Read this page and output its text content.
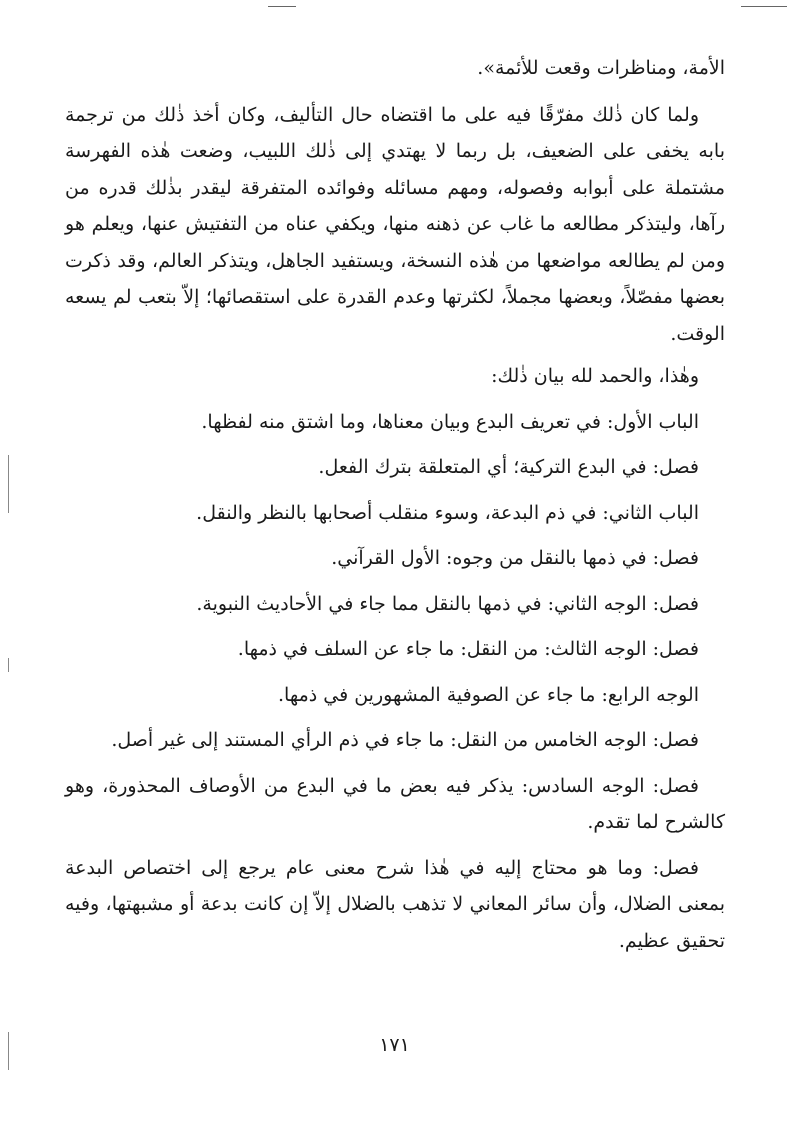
الأمة، ومناظرات وقعت للأئمة».

ولما كان ذٰلك مفرّقًا فيه على ما اقتضاه حال التأليف، وكان أخذ ذٰلك من ترجمة بابه يخفى على الضعيف، بل ربما لا يهتدي إلى ذٰلك اللبيب، وضعت هٰذه الفهرسة مشتملة على أبوابه وفصوله، ومهم مسائله وفوائده المتفرقة ليقدر بذٰلك قدره من رآها، وليتذكر مطالعه ما غاب عن ذهنه منها، ويكفي عناه من التفتيش عنها، ويعلم هو ومن لم يطالعه مواضعها من هٰذه النسخة، ويستفيد الجاهل، ويتذكر العالم، وقد ذكرت بعضها مفصّلاً، وبعضها مجملاً، لكثرتها وعدم القدرة على استقصائها؛ إلاّ بتعب لم يسعه الوقت.

وهٰذا، والحمد لله بيان ذٰلك:

الباب الأول: في تعريف البدع وبيان معناها، وما اشتق منه لفظها.

فصل: في البدع التركية؛ أي المتعلقة بترك الفعل.

الباب الثاني: في ذم البدعة، وسوء منقلب أصحابها بالنظر والنقل.

فصل: في ذمها بالنقل من وجوه: الأول القرآني.

فصل: الوجه الثاني: في ذمها بالنقل مما جاء في الأحاديث النبوية.

فصل: الوجه الثالث: من النقل: ما جاء عن السلف في ذمها.

الوجه الرابع: ما جاء عن الصوفية المشهورين في ذمها.

فصل: الوجه الخامس من النقل: ما جاء في ذم الرأي المستند إلى غير أصل.

فصل: الوجه السادس: يذكر فيه بعض ما في البدع من الأوصاف المحذورة، وهو كالشرح لما تقدم.

فصل: وما هو محتاج إليه في هٰذا شرح معنى عام يرجع إلى اختصاص البدعة بمعنى الضلال، وأن سائر المعاني لا تذهب بالضلال إلاّ إن كانت بدعة أو مشبهتها، وفيه تحقيق عظيم.

١٧١
